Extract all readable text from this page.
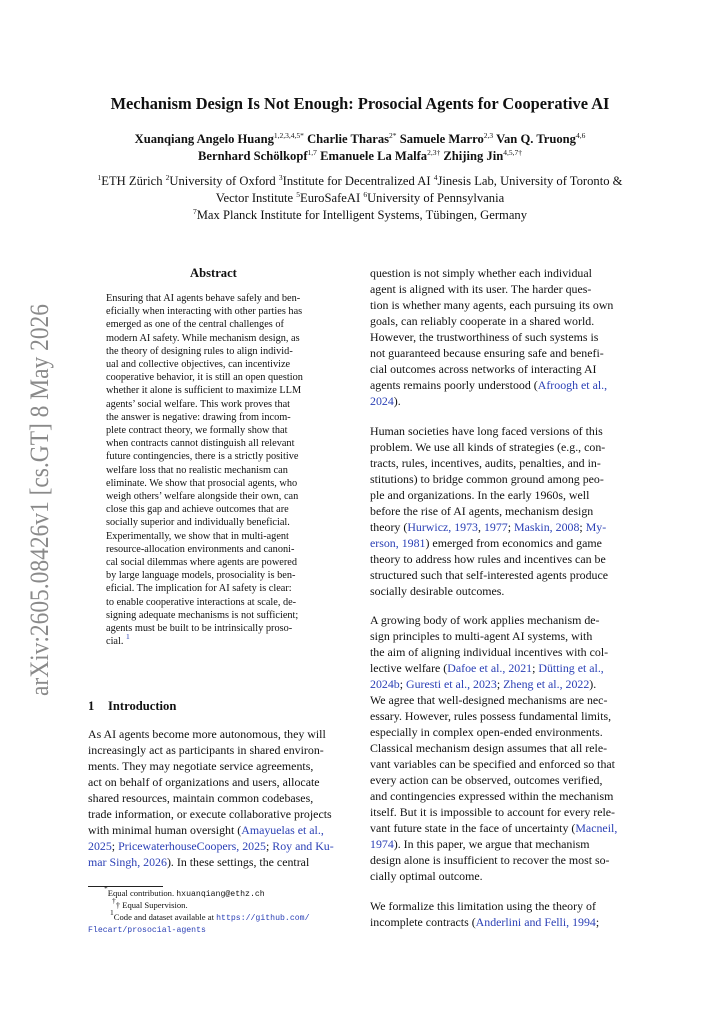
arXiv:2605.08426v1 [cs.GT] 8 May 2026
Mechanism Design Is Not Enough: Prosocial Agents for Cooperative AI
Xuanqiang Angelo Huang$^{1,2,3,4,5*}$ Charlie Tharas$^{2*}$ Samuele Marro$^{2,3}$ Van Q. Truong$^{4,6}$
Bernhard Schölkopf$^{1,7}$ Emanuele La Malfa$^{2,3\dagger}$ Zhijing Jin$^{4,5,7\dagger}$
$^1$ETH Zürich $^2$University of Oxford $^3$Institute for Decentralized AI $^4$Jinesis Lab, University of Toronto &
Vector Institute $^5$EuroSafeAI $^6$University of Pennsylvania
$^7$Max Planck Institute for Intelligent Systems, Tübingen, Germany
Abstract
Ensuring that AI agents behave safely and ben-
eficially when interacting with other parties has
emerged as one of the central challenges of
modern AI safety. While mechanism design, as
the theory of designing rules to align individ-
ual and collective objectives, can incentivize
cooperative behavior, it is still an open question
whether it alone is sufficient to maximize LLM
agents’ social welfare. This work proves that
the answer is negative: drawing from incom-
plete contract theory, we formally show that
when contracts cannot distinguish all relevant
future contingencies, there is a strictly positive
welfare loss that no realistic mechanism can
eliminate. We show that prosocial agents, who
weigh others’ welfare alongside their own, can
close this gap and achieve outcomes that are
socially superior and individually beneficial.
Experimentally, we show that in multi-agent
resource-allocation environments and canoni-
cal social dilemmas where agents are powered
by large language models, prosociality is ben-
eficial. The implication for AI safety is clear:
to enable cooperative interactions at scale, de-
signing adequate mechanisms is not sufficient;
agents must be built to be intrinsically proso-
cial. $^1$
1 Introduction
As AI agents become more autonomous, they will
increasingly act as participants in shared environ-
ments. They may negotiate service agreements,
act on behalf of organizations and users, allocate
shared resources, maintain common codebases,
trade information, or execute collaborative projects
with minimal human oversight (Amayuelas et al.,
2025; PricewaterhouseCoopers, 2025; Roy and Ku-
mar Singh, 2026). In these settings, the central
question is not simply whether each individual
agent is aligned with its user. The harder ques-
tion is whether many agents, each pursuing its own
goals, can reliably cooperate in a shared world.
However, the trustworthiness of such systems is
not guaranteed because ensuring safe and benefi-
cial outcomes across networks of interacting AI
agents remains poorly understood (Afroogh et al.,
2024).
Human societies have long faced versions of this
problem. We use all kinds of strategies (e.g., con-
tracts, rules, incentives, audits, penalties, and in-
stitutions) to bridge common ground among peo-
ple and organizations. In the early 1960s, well
before the rise of AI agents, mechanism design
theory (Hurwicz, 1973, 1977; Maskin, 2008; My-
erson, 1981) emerged from economics and game
theory to address how rules and incentives can be
structured such that self-interested agents produce
socially desirable outcomes.
A growing body of work applies mechanism de-
sign principles to multi-agent AI systems, with
the aim of aligning individual incentives with col-
lective welfare (Dafoe et al., 2021; Dütting et al.,
2024b; Guresti et al., 2023; Zheng et al., 2022).
We agree that well-designed mechanisms are nec-
essary. However, rules possess fundamental limits,
especially in complex open-ended environments.
Classical mechanism design assumes that all rele-
vant variables can be specified and enforced so that
every action can be observed, outcomes verified,
and contingencies expressed within the mechanism
itself. But it is impossible to account for every rele-
vant future state in the face of uncertainty (Macneil,
1974). In this paper, we argue that mechanism
design alone is insufficient to recover the most so-
cially optimal outcome.
We formalize this limitation using the theory of
incomplete contracts (Anderlini and Felli, 1994;
*Equal contribution. hxuanqiang@ethz.ch
†† Equal Supervision.
$^1$Code and dataset available at https://github.com/
Flecart/prosocial-agents
